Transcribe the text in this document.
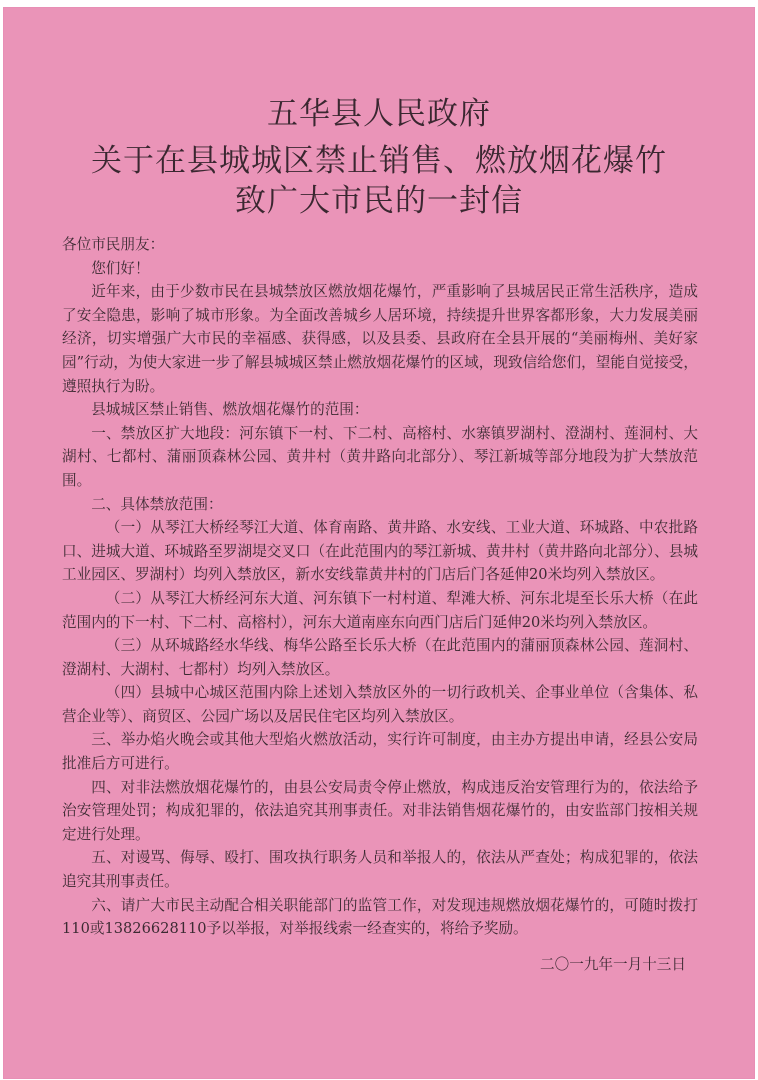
五华县人民政府
关于在县城城区禁止销售、燃放烟花爆竹
致广大市民的一封信

各位市民朋友：

您们好！

近年来，由于少数市民在县城禁放区燃放烟花爆竹，严重影响了县城居民正常生活秩序，造成了安全隐患，影响了城市形象。为全面改善城乡人居环境，持续提升世界客都形象，大力发展美丽经济，切实增强广大市民的幸福感、获得感，以及县委、县政府在全县开展的“美丽梅州、美好家园”行动，为使大家进一步了解县城城区禁止燃放烟花爆竹的区域，现致信给您们，望能自觉接受，遵照执行为盼。

县城城区禁止销售、燃放烟花爆竹的范围：

一、禁放区扩大地段：河东镇下一村、下二村、高榕村、水寨镇罗湖村、澄湖村、莲洞村、大湖村、七都村、蒲丽顶森林公园、黄井村（黄井路向北部分）、琴江新城等部分地段为扩大禁放范围。

二、具体禁放范围：

（一）从琴江大桥经琴江大道、体育南路、黄井路、水安线、工业大道、环城路、中农批路口、进城大道、环城路至罗湖堤交叉口（在此范围内的琴江新城、黄井村（黄井路向北部分）、县城工业园区、罗湖村）均列入禁放区，新水安线靠黄井村的门店后门各延伸20米均列入禁放区。

（二）从琴江大桥经河东大道、河东镇下一村村道、犁滩大桥、河东北堤至长乐大桥（在此范围内的下一村、下二村、高榕村），河东大道南座东向西门店后门延伸20米均列入禁放区。

（三）从环城路经水华线、梅华公路至长乐大桥（在此范围内的蒲丽顶森林公园、莲洞村、澄湖村、大湖村、七都村）均列入禁放区。

（四）县城中心城区范围内除上述划入禁放区外的一切行政机关、企事业单位（含集体、私营企业等）、商贸区、公园广场以及居民住宅区均列入禁放区。

三、举办焰火晚会或其他大型焰火燃放活动，实行许可制度，由主办方提出申请，经县公安局批准后方可进行。

四、对非法燃放烟花爆竹的，由县公安局责令停止燃放，构成违反治安管理行为的，依法给予治安管理处罚；构成犯罪的，依法追究其刑事责任。对非法销售烟花爆竹的，由安监部门按相关规定进行处理。

五、对谩骂、侮辱、殴打、围攻执行职务人员和举报人的，依法从严查处；构成犯罪的，依法追究其刑事责任。

六、请广大市民主动配合相关职能部门的监管工作，对发现违规燃放烟花爆竹的，可随时拨打110或13826628110予以举报，对举报线索一经查实的，将给予奖励。

二〇一九年一月十三日
